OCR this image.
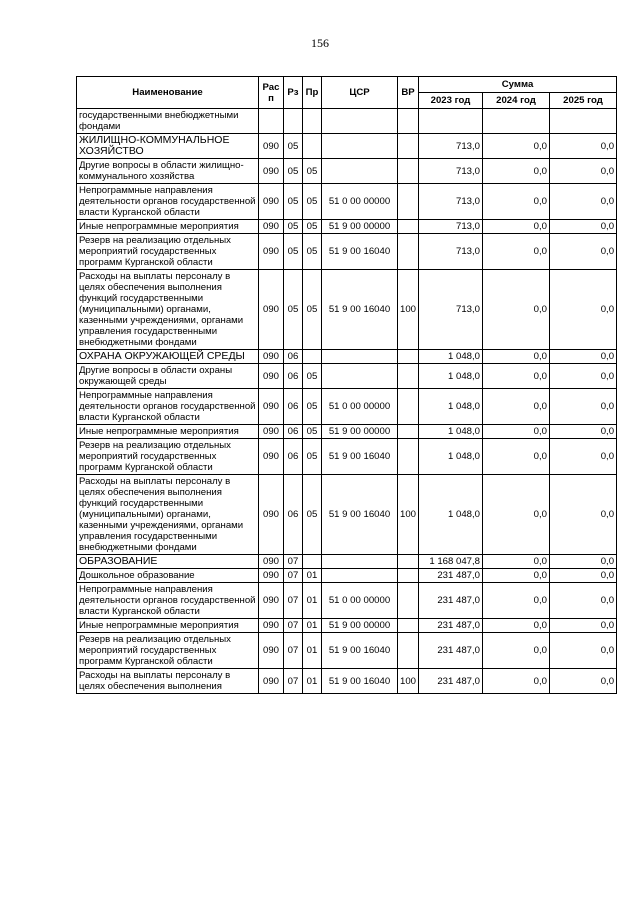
156
Наименование	Рас п	Рз	Пр	ЦСР	ВР	Сумма		
						2023 год	2024 год	2025 год
государственными внебюджетными фондами								
ЖИЛИЩНО-КОММУНАЛЬНОЕ ХОЗЯЙСТВО	090	05				713,0	0,0	0,0
Другие вопросы в области жилищно-коммунального хозяйства	090	05	05			713,0	0,0	0,0
Непрограммные направления деятельности органов государственной власти Курганской области	090	05	05	51 0 00 00000		713,0	0,0	0,0
Иные непрограммные мероприятия	090	05	05	51 9 00 00000		713,0	0,0	0,0
Резерв на реализацию отдельных мероприятий государственных программ Курганской области	090	05	05	51 9 00 16040		713,0	0,0	0,0
Расходы на выплаты персоналу в целях обеспечения выполнения функций государственными (муниципальными) органами, казенными учреждениями, органами управления государственными внебюджетными фондами	090	05	05	51 9 00 16040	100	713,0	0,0	0,0
ОХРАНА ОКРУЖАЮЩЕЙ СРЕДЫ	090	06				1 048,0	0,0	0,0
Другие вопросы в области охраны окружающей среды	090	06	05			1 048,0	0,0	0,0
Непрограммные направления деятельности органов государственной власти Курганской области	090	06	05	51 0 00 00000		1 048,0	0,0	0,0
Иные непрограммные мероприятия	090	06	05	51 9 00 00000		1 048,0	0,0	0,0
Резерв на реализацию отдельных мероприятий государственных программ Курганской области	090	06	05	51 9 00 16040		1 048,0	0,0	0,0
Расходы на выплаты персоналу в целях обеспечения выполнения функций государственными (муниципальными) органами, казенными учреждениями, органами управления государственными внебюджетными фондами	090	06	05	51 9 00 16040	100	1 048,0	0,0	0,0
ОБРАЗОВАНИЕ	090	07				1 168 047,8	0,0	0,0
Дошкольное образование	090	07	01			231 487,0	0,0	0,0
Непрограммные направления деятельности органов государственной власти Курганской области	090	07	01	51 0 00 00000		231 487,0	0,0	0,0
Иные непрограммные мероприятия	090	07	01	51 9 00 00000		231 487,0	0,0	0,0
Резерв на реализацию отдельных мероприятий государственных программ Курганской области	090	07	01	51 9 00 16040		231 487,0	0,0	0,0
Расходы на выплаты персоналу в целях обеспечения выполнения	090	07	01	51 9 00 16040	100	231 487,0	0,0	0,0
